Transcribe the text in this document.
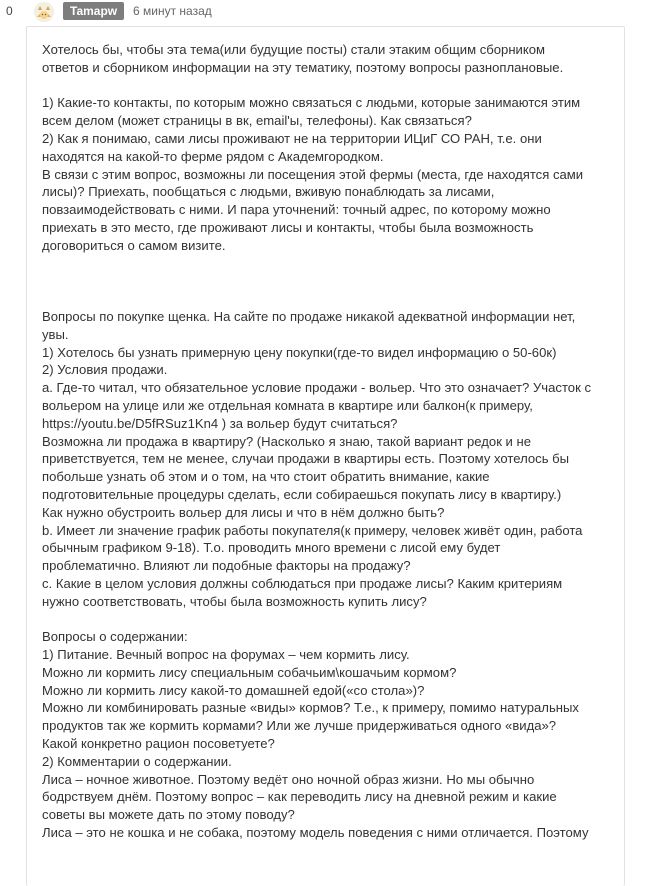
0	Tamapw	6 минут назад

Хотелось бы, чтобы эта тема(или будущие посты) стали этаким общим сборником

ответов и сборником информации на эту тематику, поэтому вопросы разноплановые.

1) Какие-то контакты, по которым можно связаться с людьми, которые занимаются этим

всем делом (может страницы в вк, email'ы, телефоны). Как связаться?

2) Как я понимаю, сами лисы проживают не на территории ИЦиГ СО РАН, т.е. они

находятся на какой-то ферме рядом с Академгородком.

В связи с этим вопрос, возможны ли посещения этой фермы (места, где находятся сами

лисы)? Приехать, пообщаться с людьми, вживую понаблюдать за лисами,

повзаимодействовать с ними. И пара уточнений: точный адрес, по которому можно

приехать в это место, где проживают лисы и контакты, чтобы была возможность

договориться о самом визите.

Вопросы по покупке щенка. На сайте по продаже никакой адекватной информации нет,

увы.

1) Хотелось бы узнать примерную цену покупки(где-то видел информацию о 50-60к)

2) Условия продажи.

a. Где-то читал, что обязательное условие продажи - вольер. Что это означает? Участок с

вольером на улице или же отдельная комната в квартире или балкон(к примеру,

https://youtu.be/D5fRSuz1Kn4 ) за вольер будут считаться?

Возможна ли продажа в квартиру? (Насколько я знаю, такой вариант редок и не

приветствуется, тем не менее, случаи продажи в квартиры есть. Поэтому хотелось бы

побольше узнать об этом и о том, на что стоит обратить внимание, какие

подготовительные процедуры сделать, если собираешься покупать лису в квартиру.)

Как нужно обустроить вольер для лисы и что в нём должно быть?

b. Имеет ли значение график работы покупателя(к примеру, человек живёт один, работа

обычным графиком 9-18). Т.о. проводить много времени с лисой ему будет

проблематично. Влияют ли подобные факторы на продажу?

c. Какие в целом условия должны соблюдаться при продаже лисы? Каким критериям

нужно соответствовать, чтобы была возможность купить лису?

Вопросы о содержании:

1) Питание. Вечный вопрос на форумах – чем кормить лису.

Можно ли кормить лису специальным собачьим\кошачьим кормом?

Можно ли кормить лису какой-то домашней едой(«со стола»)?

Можно ли комбинировать разные «виды» кормов? Т.е., к примеру, помимо натуральных

продуктов так же кормить кормами? Или же лучше придерживаться одного «вида»?

Какой конкретно рацион посоветуете?

2) Комментарии о содержании.

Лиса – ночное животное. Поэтому ведёт оно ночной образ жизни. Но мы обычно

бодрствуем днём. Поэтому вопрос – как переводить лису на дневной режим и какие

советы вы можете дать по этому поводу?

Лиса – это не кошка и не собака, поэтому модель поведения с ними отличается. Поэтому
